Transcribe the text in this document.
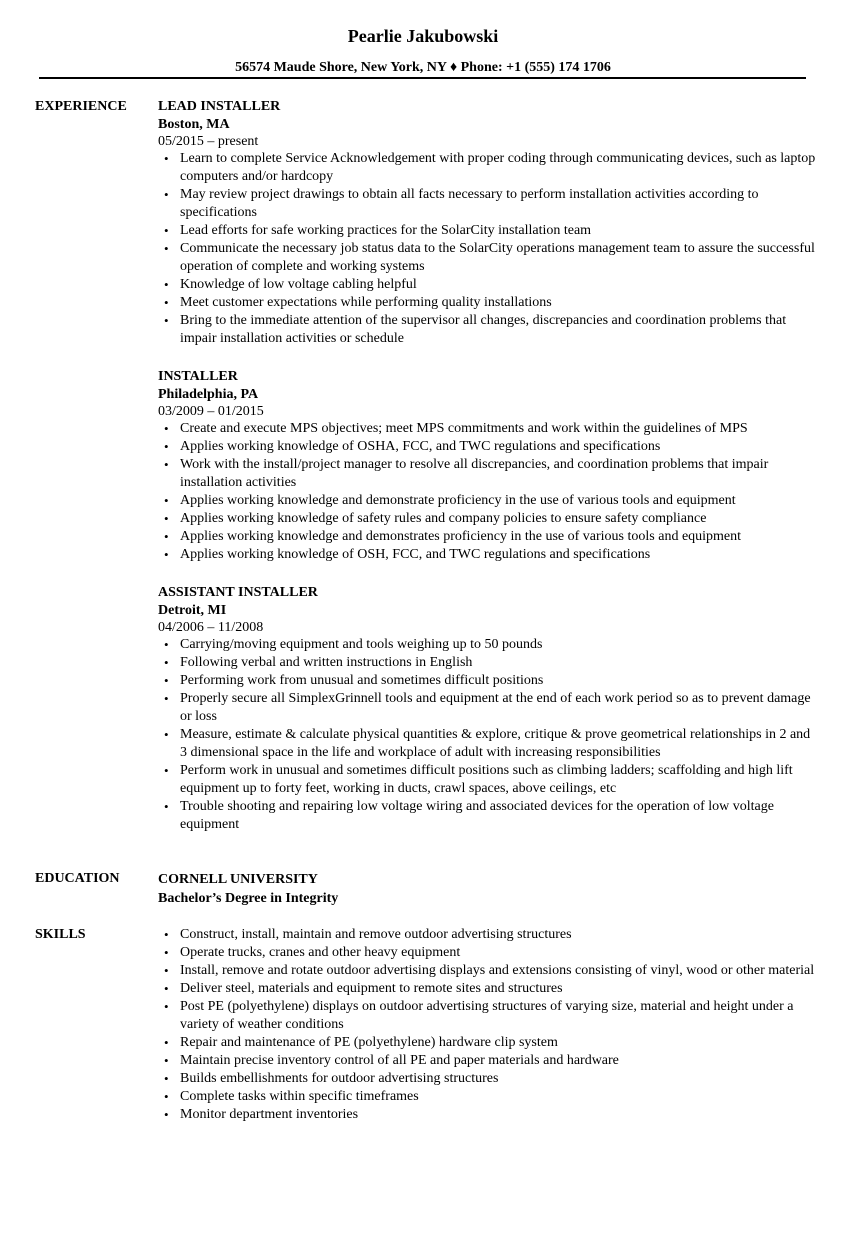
Pearlie Jakubowski
56574 Maude Shore, New York, NY ♦ Phone: +1 (555) 174 1706
EXPERIENCE	LEAD INSTALLER
Boston, MA
05/2015 – present
• Learn to complete Service Acknowledgement with proper coding through communicating devices, such as laptop computers and/or hardcopy
• May review project drawings to obtain all facts necessary to perform installation activities according to specifications
• Lead efforts for safe working practices for the SolarCity installation team
• Communicate the necessary job status data to the SolarCity operations management team to assure the successful operation of complete and working systems
• Knowledge of low voltage cabling helpful
• Meet customer expectations while performing quality installations
• Bring to the immediate attention of the supervisor all changes, discrepancies and coordination problems that impair installation activities or schedule
INSTALLER
Philadelphia, PA
03/2009 – 01/2015
• Create and execute MPS objectives; meet MPS commitments and work within the guidelines of MPS
• Applies working knowledge of OSHA, FCC, and TWC regulations and specifications
• Work with the install/project manager to resolve all discrepancies, and coordination problems that impair installation activities
• Applies working knowledge and demonstrate proficiency in the use of various tools and equipment
• Applies working knowledge of safety rules and company policies to ensure safety compliance
• Applies working knowledge and demonstrates proficiency in the use of various tools and equipment
• Applies working knowledge of OSH, FCC, and TWC regulations and specifications
ASSISTANT INSTALLER
Detroit, MI
04/2006 – 11/2008
• Carrying/moving equipment and tools weighing up to 50 pounds
• Following verbal and written instructions in English
• Performing work from unusual and sometimes difficult positions
• Properly secure all SimplexGrinnell tools and equipment at the end of each work period so as to prevent damage or loss
• Measure, estimate & calculate physical quantities & explore, critique & prove geometrical relationships in 2 and 3 dimensional space in the life and workplace of adult with increasing responsibilities
• Perform work in unusual and sometimes difficult positions such as climbing ladders; scaffolding and high lift equipment up to forty feet, working in ducts, crawl spaces, above ceilings, etc
• Trouble shooting and repairing low voltage wiring and associated devices for the operation of low voltage equipment
EDUCATION	CORNELL UNIVERSITY
Bachelor’s Degree in Integrity
SKILLS
•	Construct, install, maintain and remove outdoor advertising structures
• Operate trucks, cranes and other heavy equipment
• Install, remove and rotate outdoor advertising displays and extensions consisting of vinyl, wood or other material
• Deliver steel, materials and equipment to remote sites and structures
• Post PE (polyethylene) displays on outdoor advertising structures of varying size, material and height under a variety of weather conditions
• Repair and maintenance of PE (polyethylene) hardware clip system
• Maintain precise inventory control of all PE and paper materials and hardware
• Builds embellishments for outdoor advertising structures
• Complete tasks within specific timeframes
• Monitor department inventories
